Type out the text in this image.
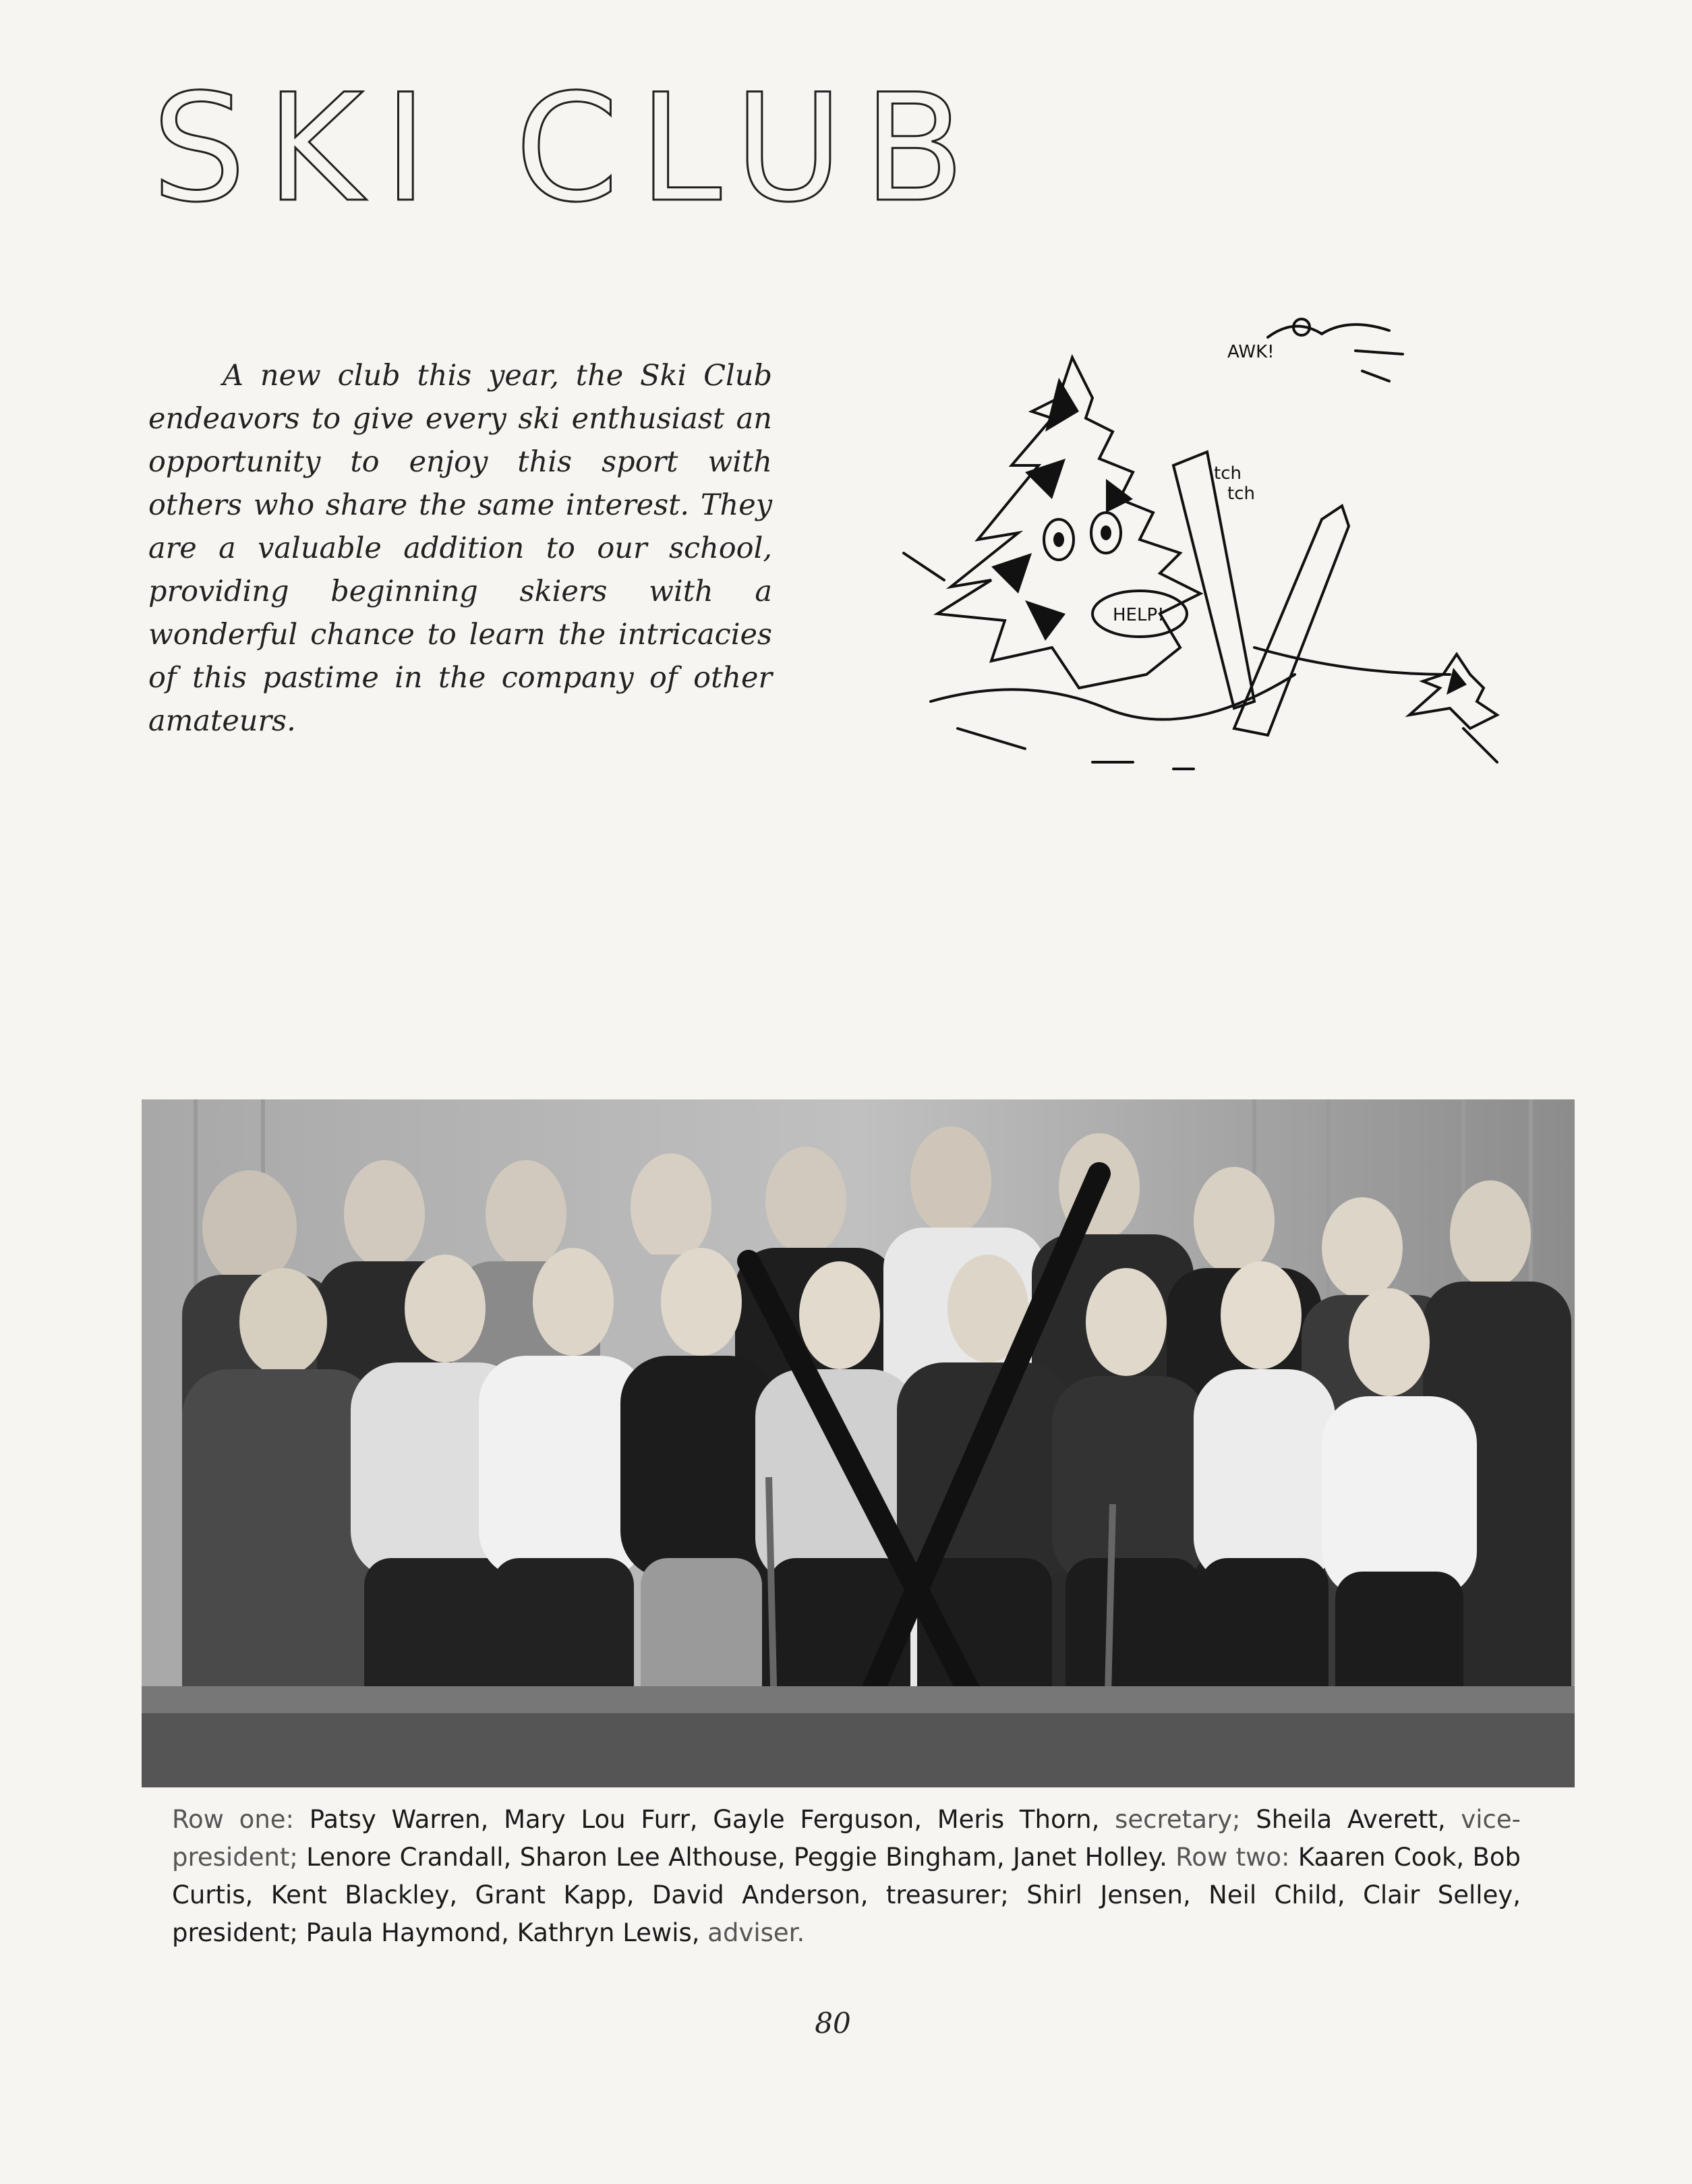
SKI CLUB

A new club this year, the Ski Club endeavors to give every ski enthusiast an opportunity to enjoy this sport with others who share the same interest. They are a valuable addition to our school, providing beginning skiers with a wonderful chance to learn the intricacies of this pastime in the company of other amateurs.

AWK!
tch
tch
HELP!

Row one: Patsy Warren, Mary Lou Furr, Gayle Ferguson, Meris Thorn, secretary; Sheila Averett, vice-president; Lenore Crandall, Sharon Lee Althouse, Peggie Bingham, Janet Holley. Row two: Kaaren Cook, Bob Curtis, Kent Blackley, Grant Kapp, David Anderson, treasurer; Shirl Jensen, Neil Child, Clair Selley, president; Paula Haymond, Kathryn Lewis, adviser.

80
